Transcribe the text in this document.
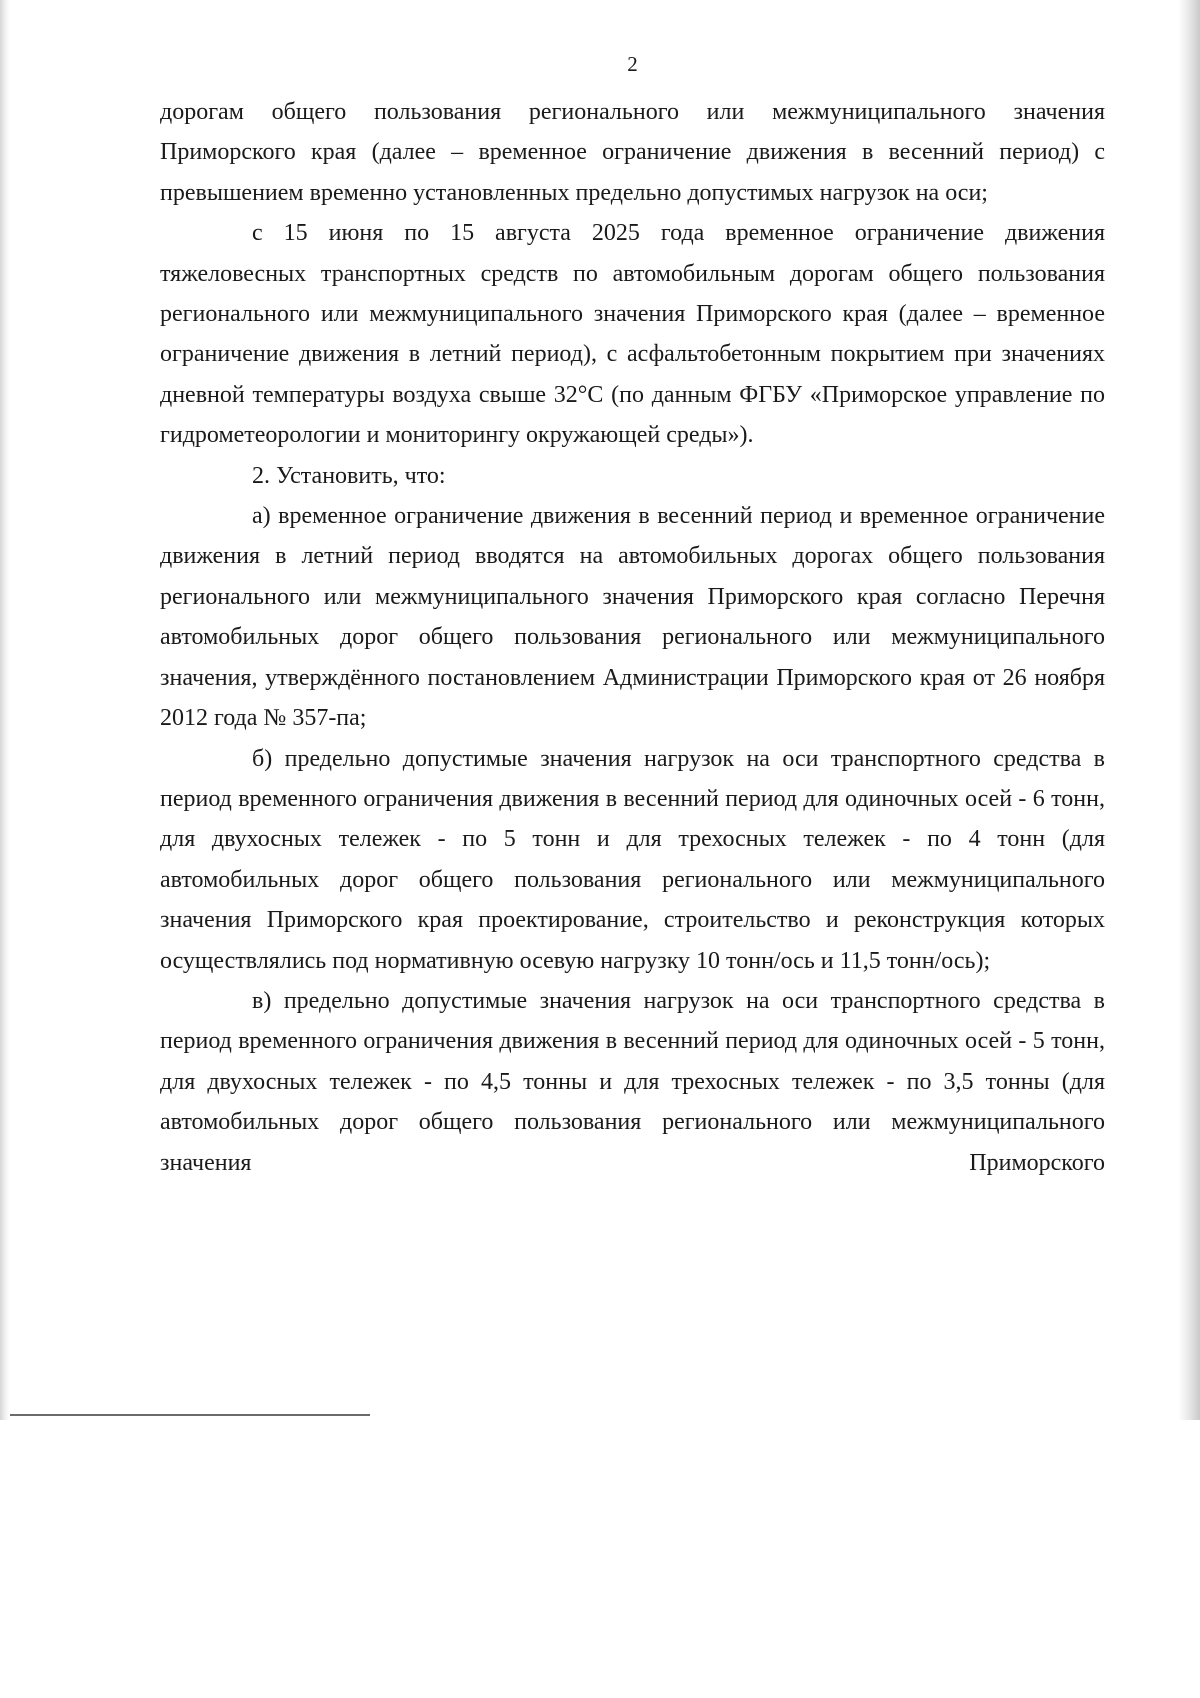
2

дорогам общего пользования регионального или межмуниципального значения Приморского края (далее – временное ограничение движения в весенний период) с превышением временно установленных предельно допустимых нагрузок на оси;

с 15 июня по 15 августа 2025 года временное ограничение движения тяжеловесных транспортных средств по автомобильным дорогам общего пользования регионального или межмуниципального значения Приморского края (далее – временное ограничение движения в летний период), с асфальтобетонным покрытием при значениях дневной температуры воздуха свыше 32°С (по данным ФГБУ «Приморское управление по гидрометеорологии и мониторингу окружающей среды»).

2. Установить, что:

а) временное ограничение движения в весенний период и временное ограничение движения в летний период вводятся на автомобильных дорогах общего пользования регионального или межмуниципального значения Приморского края согласно Перечня автомобильных дорог общего пользования регионального или межмуниципального значения, утверждённого постановлением Администрации Приморского края от 26 ноября 2012 года № 357-па;

б) предельно допустимые значения нагрузок на оси транспортного средства в период временного ограничения движения в весенний период для одиночных осей - 6 тонн, для двухосных тележек - по 5 тонн и для трехосных тележек - по 4 тонн (для автомобильных дорог общего пользования регионального или межмуниципального значения Приморского края проектирование, строительство и реконструкция которых осуществлялись под нормативную осевую нагрузку 10 тонн/ось и 11,5 тонн/ось);

в) предельно допустимые значения нагрузок на оси транспортного средства в период временного ограничения движения в весенний период для одиночных осей - 5 тонн, для двухосных тележек - по 4,5 тонны и для трехосных тележек - по 3,5 тонны (для автомобильных дорог общего пользования регионального или межмуниципального значения Приморского
